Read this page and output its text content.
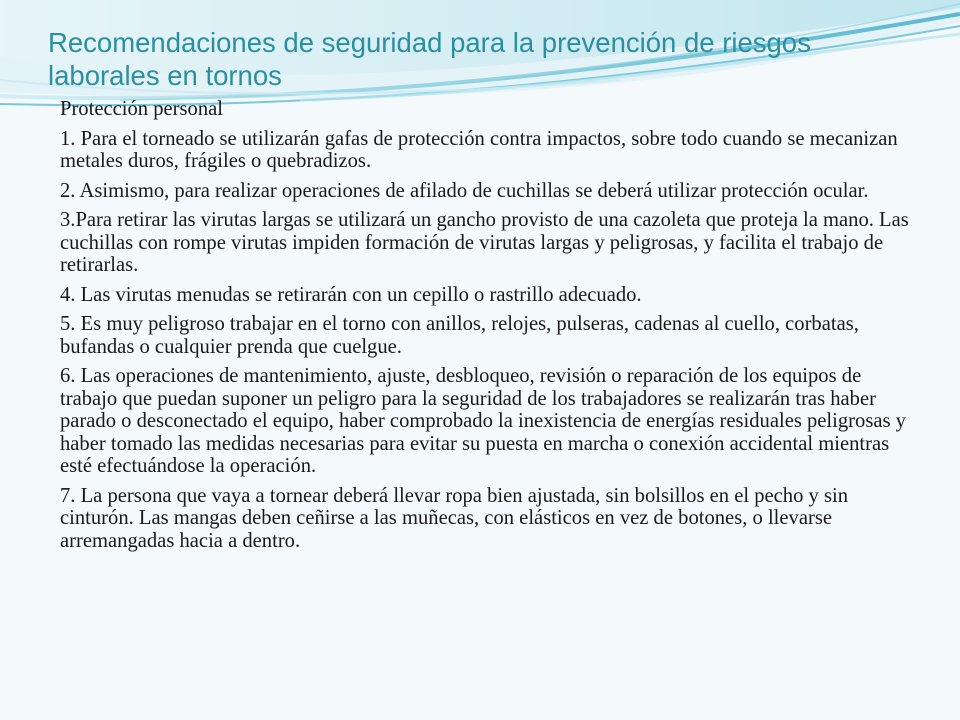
Recomendaciones de seguridad para la prevención de riesgos laborales en tornos

Protección personal

1. Para el torneado se utilizarán gafas de protección contra impactos, sobre todo cuando se mecanizan metales duros, frágiles o quebradizos.

2. Asimismo, para realizar operaciones de afilado de cuchillas se deberá utilizar protección ocular.

3.Para retirar las virutas largas se utilizará un gancho provisto de una cazoleta que proteja la mano. Las cuchillas con rompe virutas impiden formación de virutas largas y peligrosas, y facilita el trabajo de retirarlas.

4. Las virutas menudas se retirarán con un cepillo o rastrillo adecuado.

5. Es muy peligroso trabajar en el torno con anillos, relojes, pulseras, cadenas al cuello, corbatas, bufandas o cualquier prenda que cuelgue.

6. Las operaciones de mantenimiento, ajuste, desbloqueo, revisión o reparación de los equipos de trabajo que puedan suponer un peligro para la seguridad de los trabajadores se realizarán tras haber parado o desconectado el equipo, haber comprobado la inexistencia de energías residuales peligrosas y haber tomado las medidas necesarias para evitar su puesta en marcha o conexión accidental mientras esté efectuándose la operación.

7. La persona que vaya a tornear deberá llevar ropa bien ajustada, sin bolsillos en el pecho y sin cinturón. Las mangas deben ceñirse a las muñecas, con elásticos en vez de botones, o llevarse arremangadas hacia a dentro.
